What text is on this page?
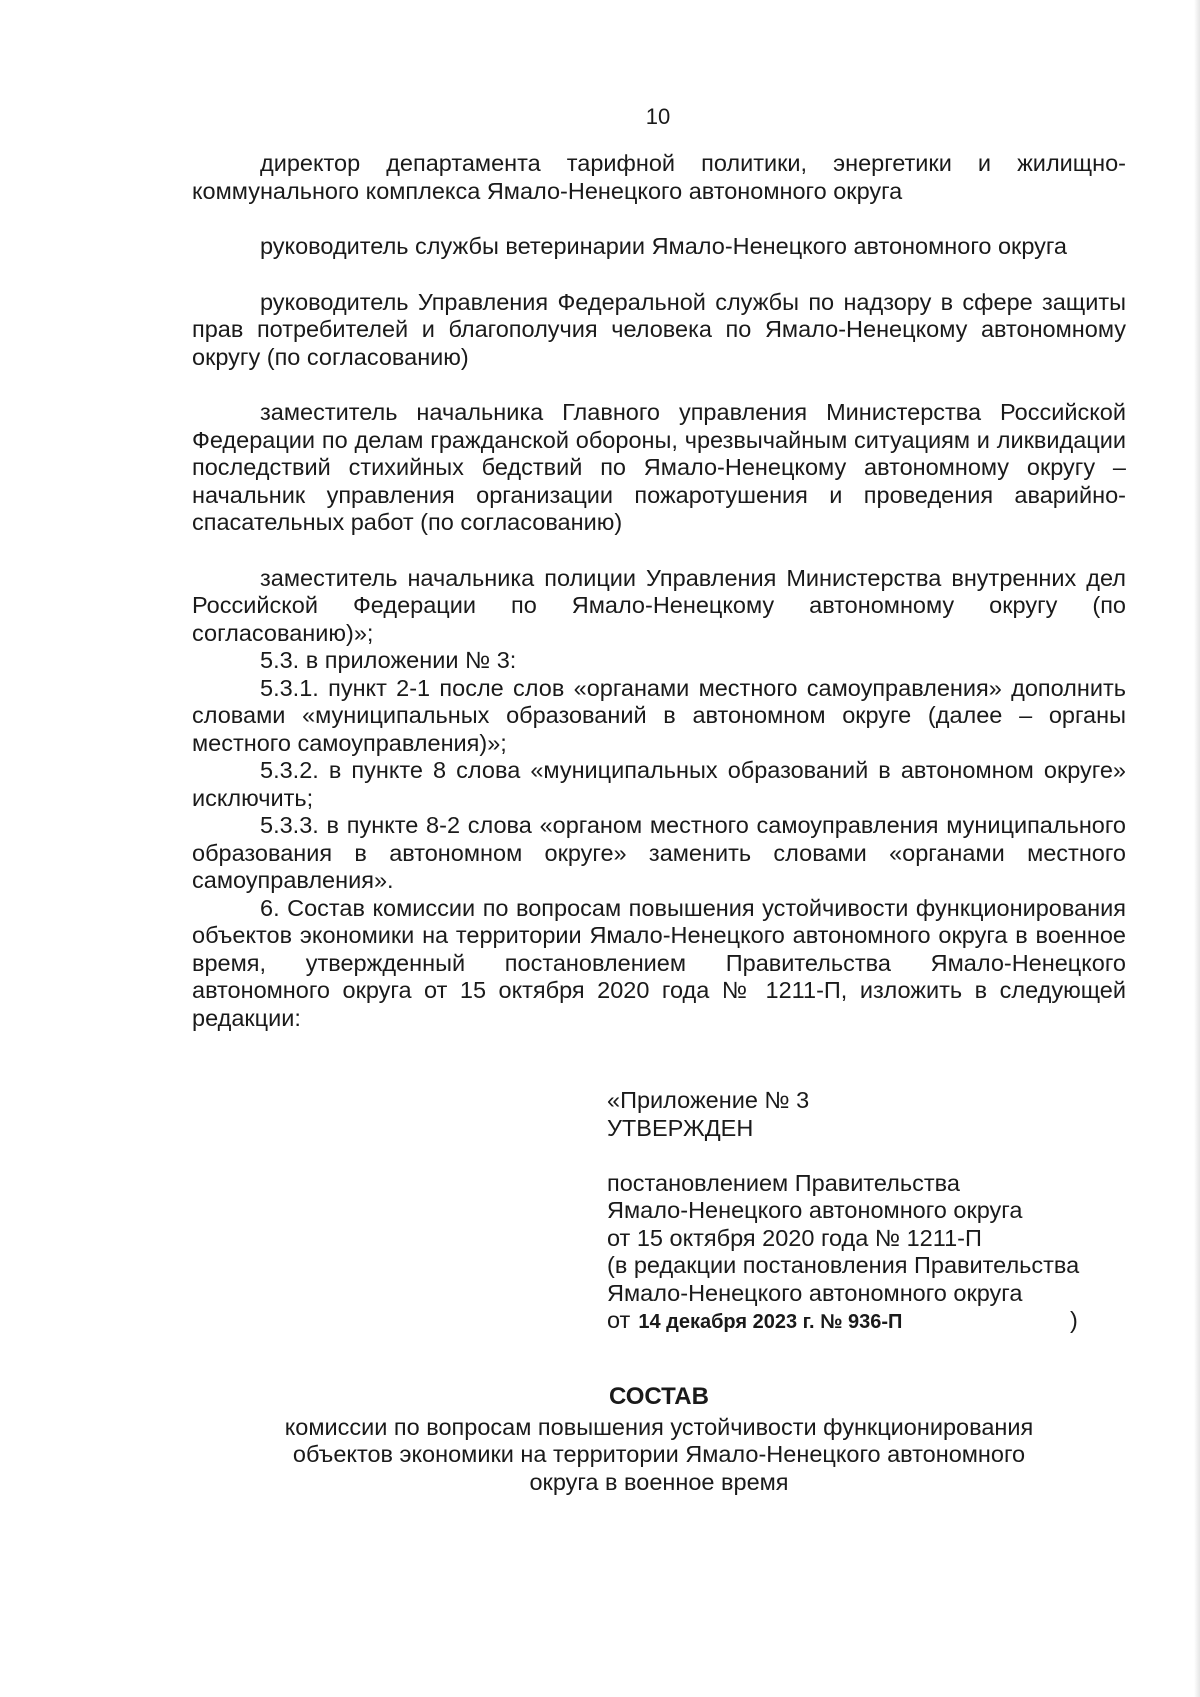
10

директор департамента тарифной политики, энергетики и жилищно-коммунального комплекса Ямало-Ненецкого автономного округа

руководитель службы ветеринарии Ямало-Ненецкого автономного округа

руководитель Управления Федеральной службы по надзору в сфере защиты прав потребителей и благополучия человека по Ямало-Ненецкому автономному округу (по согласованию)

заместитель начальника Главного управления Министерства Российской Федерации по делам гражданской обороны, чрезвычайным ситуациям и ликвидации последствий стихийных бедствий по Ямало-Ненецкому автономному округу – начальник управления организации пожаротушения и проведения аварийно-спасательных работ (по согласованию)

заместитель начальника полиции Управления Министерства внутренних дел Российской Федерации по Ямало-Ненецкому автономному округу (по согласованию)»;

5.3. в приложении № 3:

5.3.1. пункт 2-1 после слов «органами местного самоуправления» дополнить словами «муниципальных образований в автономном округе (далее – органы местного самоуправления)»;

5.3.2. в пункте 8 слова «муниципальных образований в автономном округе» исключить;

5.3.3. в пункте 8-2 слова «органом местного самоуправления муниципального образования в автономном округе» заменить словами «органами местного самоуправления».

6. Состав комиссии по вопросам повышения устойчивости функционирования объектов экономики на территории Ямало-Ненецкого автономного округа в военное время, утвержденный постановлением Правительства Ямало-Ненецкого автономного округа от 15 октября 2020 года № 1211-П, изложить в следующей редакции:

«Приложение № 3

УТВЕРЖДЕН

постановлением Правительства

Ямало-Ненецкого автономного округа

от 15 октября 2020 года № 1211-П

(в редакции постановления Правительства

Ямало-Ненецкого автономного округа

от 14 декабря 2023 г. № 936-П	)

СОСТАВ

комиссии по вопросам повышения устойчивости функционирования

объектов экономики на территории Ямало-Ненецкого автономного

округа в военное время
